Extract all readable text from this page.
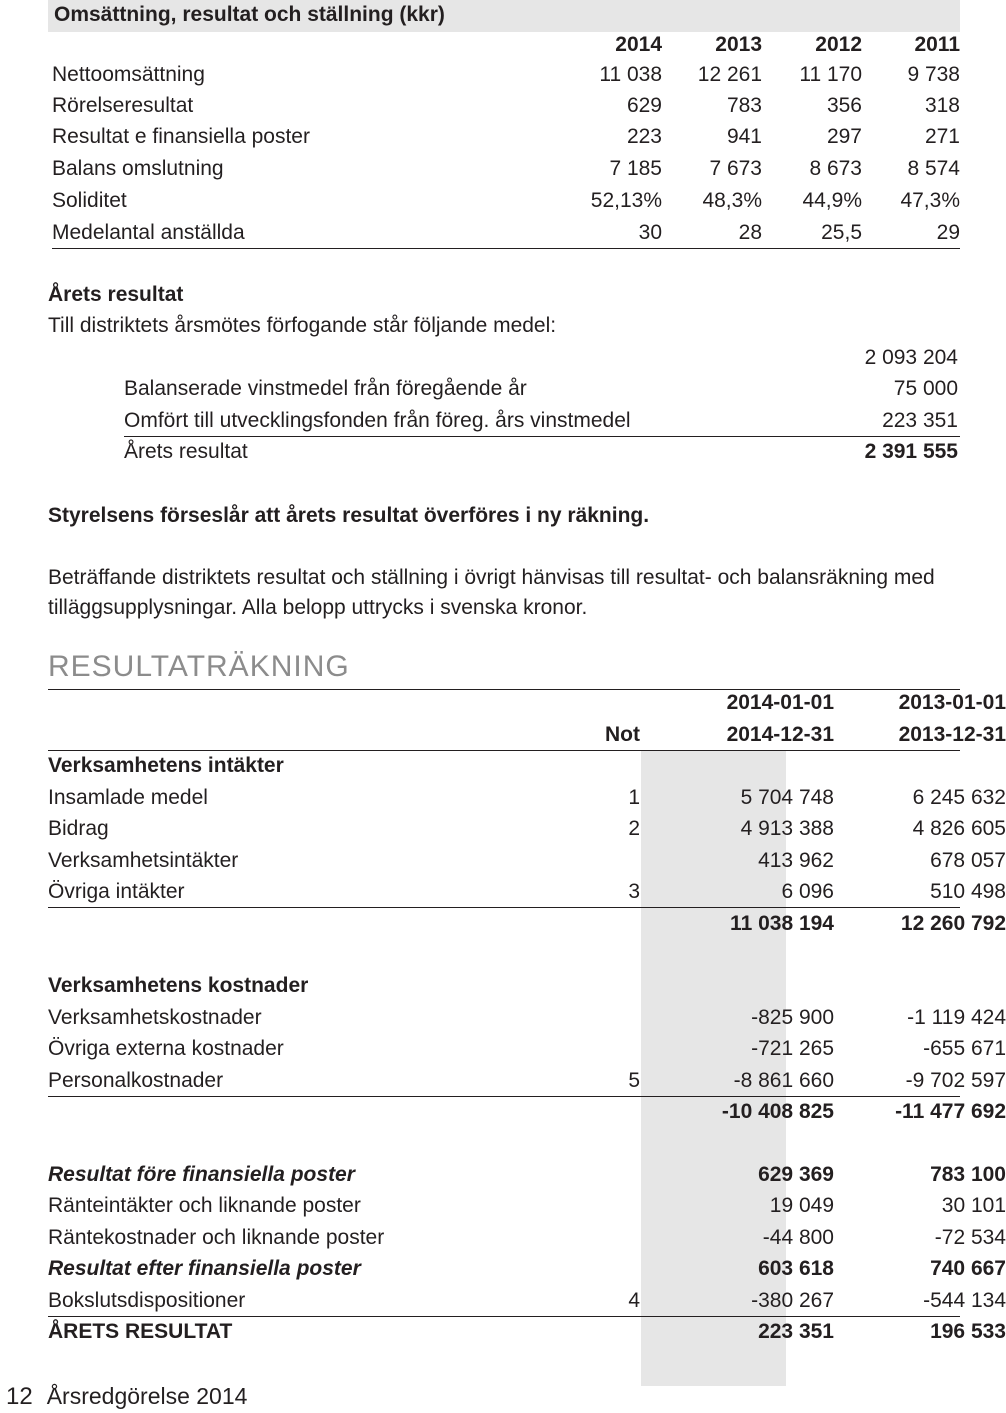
Omsättning, resultat och ställning (kkr)
2014	2013	2012	2011
Nettoomsättning	11 038	12 261	11 170	9 738
Rörelseresultat	629	783	356	318
Resultat e finansiella poster	223	941	297	271
Balans omslutning	7 185	7 673	8 673	8 574
Soliditet	52,13%	48,3%	44,9%	47,3%
Medelantal anställda	30	28	25,5	29
Årets resultat
Till distriktets årsmötes förfogande står följande medel:
2 093 204
Balanserade vinstmedel från föregående år	75 000
Omfört till utvecklingsfonden från föreg. års vinstmedel	223 351
Årets resultat	2 391 555
Styrelsens förseslår att årets resultat överföres i ny räkning.
Beträffande distriktets resultat och ställning i övrigt hänvisas till resultat- och balansräkning med tilläggsupplysningar. Alla belopp uttrycks i svenska kronor.
RESULTATRÄKNING
2014-01-01	2013-01-01
Not	2014-12-31	2013-12-31
Verksamhetens intäkter
Insamlade medel	1	5 704 748	6 245 632
Bidrag	2	4 913 388	4 826 605
Verksamhetsintäkter	413 962	678 057
Övriga intäkter	3	6 096	510 498
11 038 194	12 260 792
Verksamhetens kostnader
Verksamhetskostnader	-825 900	-1 119 424
Övriga externa kostnader	-721 265	-655 671
Personalkostnader	5	-8 861 660	-9 702 597
-10 408 825	-11 477 692
Resultat före finansiella poster	629 369	783 100
Ränteintäkter och liknande poster	19 049	30 101
Räntekostnader och liknande poster	-44 800	-72 534
Resultat efter finansiella poster	603 618	740 667
Bokslutsdispositioner	4	-380 267	-544 134
ÅRETS RESULTAT	223 351	196 533
12 Årsredgörelse 2014
